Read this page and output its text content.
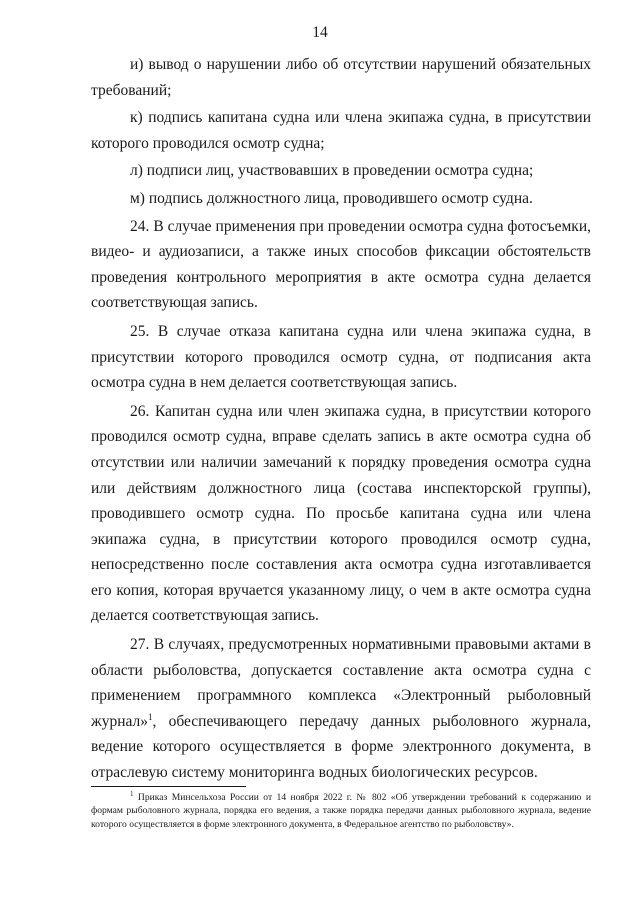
14

и) вывод о нарушении либо об отсутствии нарушений обязательных требований;

к) подпись капитана судна или члена экипажа судна, в присутствии которого проводился осмотр судна;

л) подписи лиц, участвовавших в проведении осмотра судна;

м) подпись должностного лица, проводившего осмотр судна.

24. В случае применения при проведении осмотра судна фотосъемки, видео- и аудиозаписи, а также иных способов фиксации обстоятельств проведения контрольного мероприятия в акте осмотра судна делается соответствующая запись.

25. В случае отказа капитана судна или члена экипажа судна, в присутствии которого проводился осмотр судна, от подписания акта осмотра судна в нем делается соответствующая запись.

26. Капитан судна или член экипажа судна, в присутствии которого проводился осмотр судна, вправе сделать запись в акте осмотра судна об отсутствии или наличии замечаний к порядку проведения осмотра судна или действиям должностного лица (состава инспекторской группы), проводившего осмотр судна. По просьбе капитана судна или члена экипажа судна, в присутствии которого проводился осмотр судна, непосредственно после составления акта осмотра судна изготавливается его копия, которая вручается указанному лицу, о чем в акте осмотра судна делается соответствующая запись.

27. В случаях, предусмотренных нормативными правовыми актами в области рыболовства, допускается составление акта осмотра судна с применением программного комплекса «Электронный рыболовный журнал»$^1$, обеспечивающего передачу данных рыболовного журнала, ведение которого осуществляется в форме электронного документа, в отраслевую систему мониторинга водных биологических ресурсов.

$^1$ Приказ Минсельхоза России от 14 ноября 2022 г. № 802 «Об утверждении требований к содержанию и формам рыболовного журнала, порядка его ведения, а также порядка передачи данных рыболовного журнала, ведение которого осуществляется в форме электронного документа, в Федеральное агентство по рыболовству».
